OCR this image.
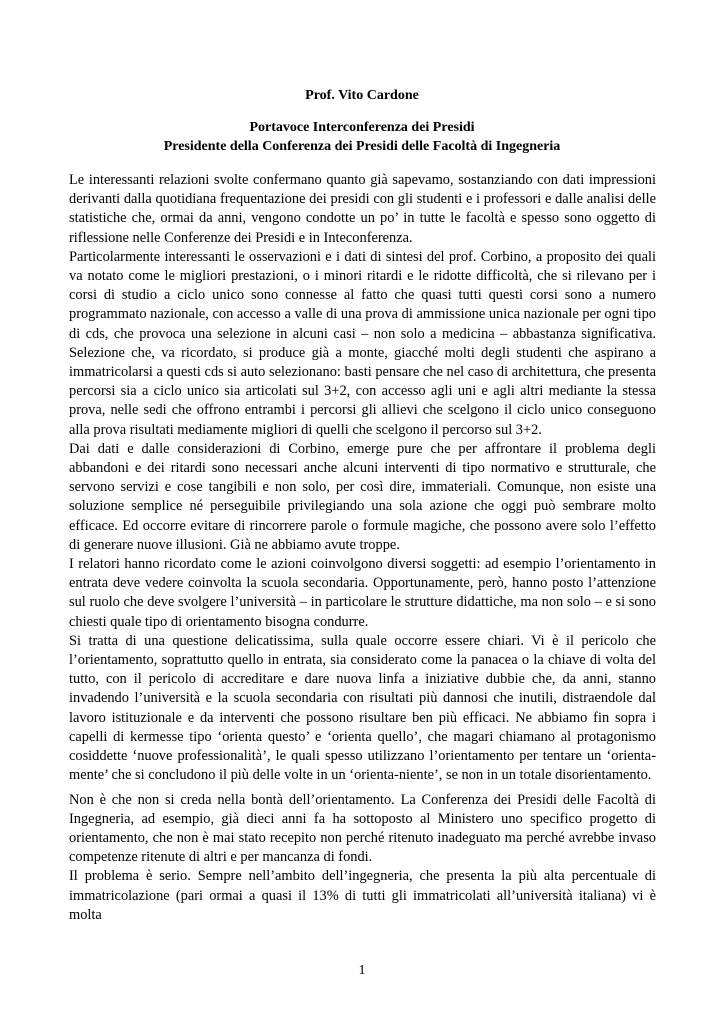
Prof. Vito Cardone

Portavoce Interconferenza dei Presidi

Presidente della Conferenza dei Presidi delle Facoltà di Ingegneria

Le interessanti relazioni svolte confermano quanto già sapevamo, sostanziando con dati impressioni derivanti dalla quotidiana frequentazione dei presidi con gli studenti e i professori e dalle analisi delle statistiche che, ormai da anni, vengono condotte un po’ in tutte le facoltà e spesso sono oggetto di riflessione nelle Conferenze dei Presidi e in Inteconferenza.

Particolarmente interessanti le osservazioni e i dati di sintesi del prof. Corbino, a proposito dei quali va notato come le migliori prestazioni, o i minori ritardi e le ridotte difficoltà, che si rilevano per i corsi di studio a ciclo unico sono connesse al fatto che quasi tutti questi corsi sono a numero programmato nazionale, con accesso a valle di una prova di ammissione unica nazionale per ogni tipo di cds, che provoca una selezione in alcuni casi – non solo a medicina – abbastanza significativa. Selezione che, va ricordato, si produce già a monte, giacché molti degli studenti che aspirano a immatricolarsi a questi cds si auto selezionano: basti pensare che nel caso di architettura, che presenta percorsi sia a ciclo unico sia articolati sul 3+2, con accesso agli uni e agli altri mediante la stessa prova, nelle sedi che offrono entrambi i percorsi gli allievi che scelgono il ciclo unico conseguono alla prova risultati mediamente migliori di quelli che scelgono il percorso sul 3+2.

Dai dati e dalle considerazioni di Corbino, emerge pure che per affrontare il problema degli abbandoni e dei ritardi sono necessari anche alcuni interventi di tipo normativo e strutturale, che servono servizi e cose tangibili e non solo, per così dire, immateriali. Comunque, non esiste una soluzione semplice né perseguibile privilegiando una sola azione che oggi può sembrare molto efficace. Ed occorre evitare di rincorrere parole o formule magiche, che possono avere solo l’effetto di generare nuove illusioni. Già ne abbiamo avute troppe.

I relatori hanno ricordato come le azioni coinvolgono diversi soggetti: ad esempio l’orientamento in entrata deve vedere coinvolta la scuola secondaria. Opportunamente, però, hanno posto l’attenzione sul ruolo che deve svolgere l’università – in particolare le strutture didattiche, ma non solo – e si sono chiesti quale tipo di orientamento bisogna condurre.

Si tratta di una questione delicatissima, sulla quale occorre essere chiari. Vi è il pericolo che l’orientamento, soprattutto quello in entrata, sia considerato come la panacea o la chiave di volta del tutto, con il pericolo di accreditare e dare nuova linfa a iniziative dubbie che, da anni, stanno invadendo l’università e la scuola secondaria con risultati più dannosi che inutili, distraendole dal lavoro istituzionale e da interventi che possono risultare ben più efficaci. Ne abbiamo fin sopra i capelli di kermesse tipo ‘orienta questo’ e ‘orienta quello’, che magari chiamano al protagonismo cosiddette ‘nuove professionalità’, le quali spesso utilizzano l’orientamento per tentare un ‘orienta-mente’ che si concludono il più delle volte in un ‘orienta-niente’, se non in un totale disorientamento.

Non è che non si creda nella bontà dell’orientamento. La Conferenza dei Presidi delle Facoltà di Ingegneria, ad esempio, già dieci anni fa ha sottoposto al Ministero uno specifico progetto di orientamento, che non è mai stato recepito non perché ritenuto inadeguato ma perché avrebbe invaso competenze ritenute di altri e per mancanza di fondi.

Il problema è serio. Sempre nell’ambito dell’ingegneria, che presenta la più alta percentuale di immatricolazione (pari ormai a quasi il 13% di tutti gli immatricolati all’università italiana) vi è molta

1
